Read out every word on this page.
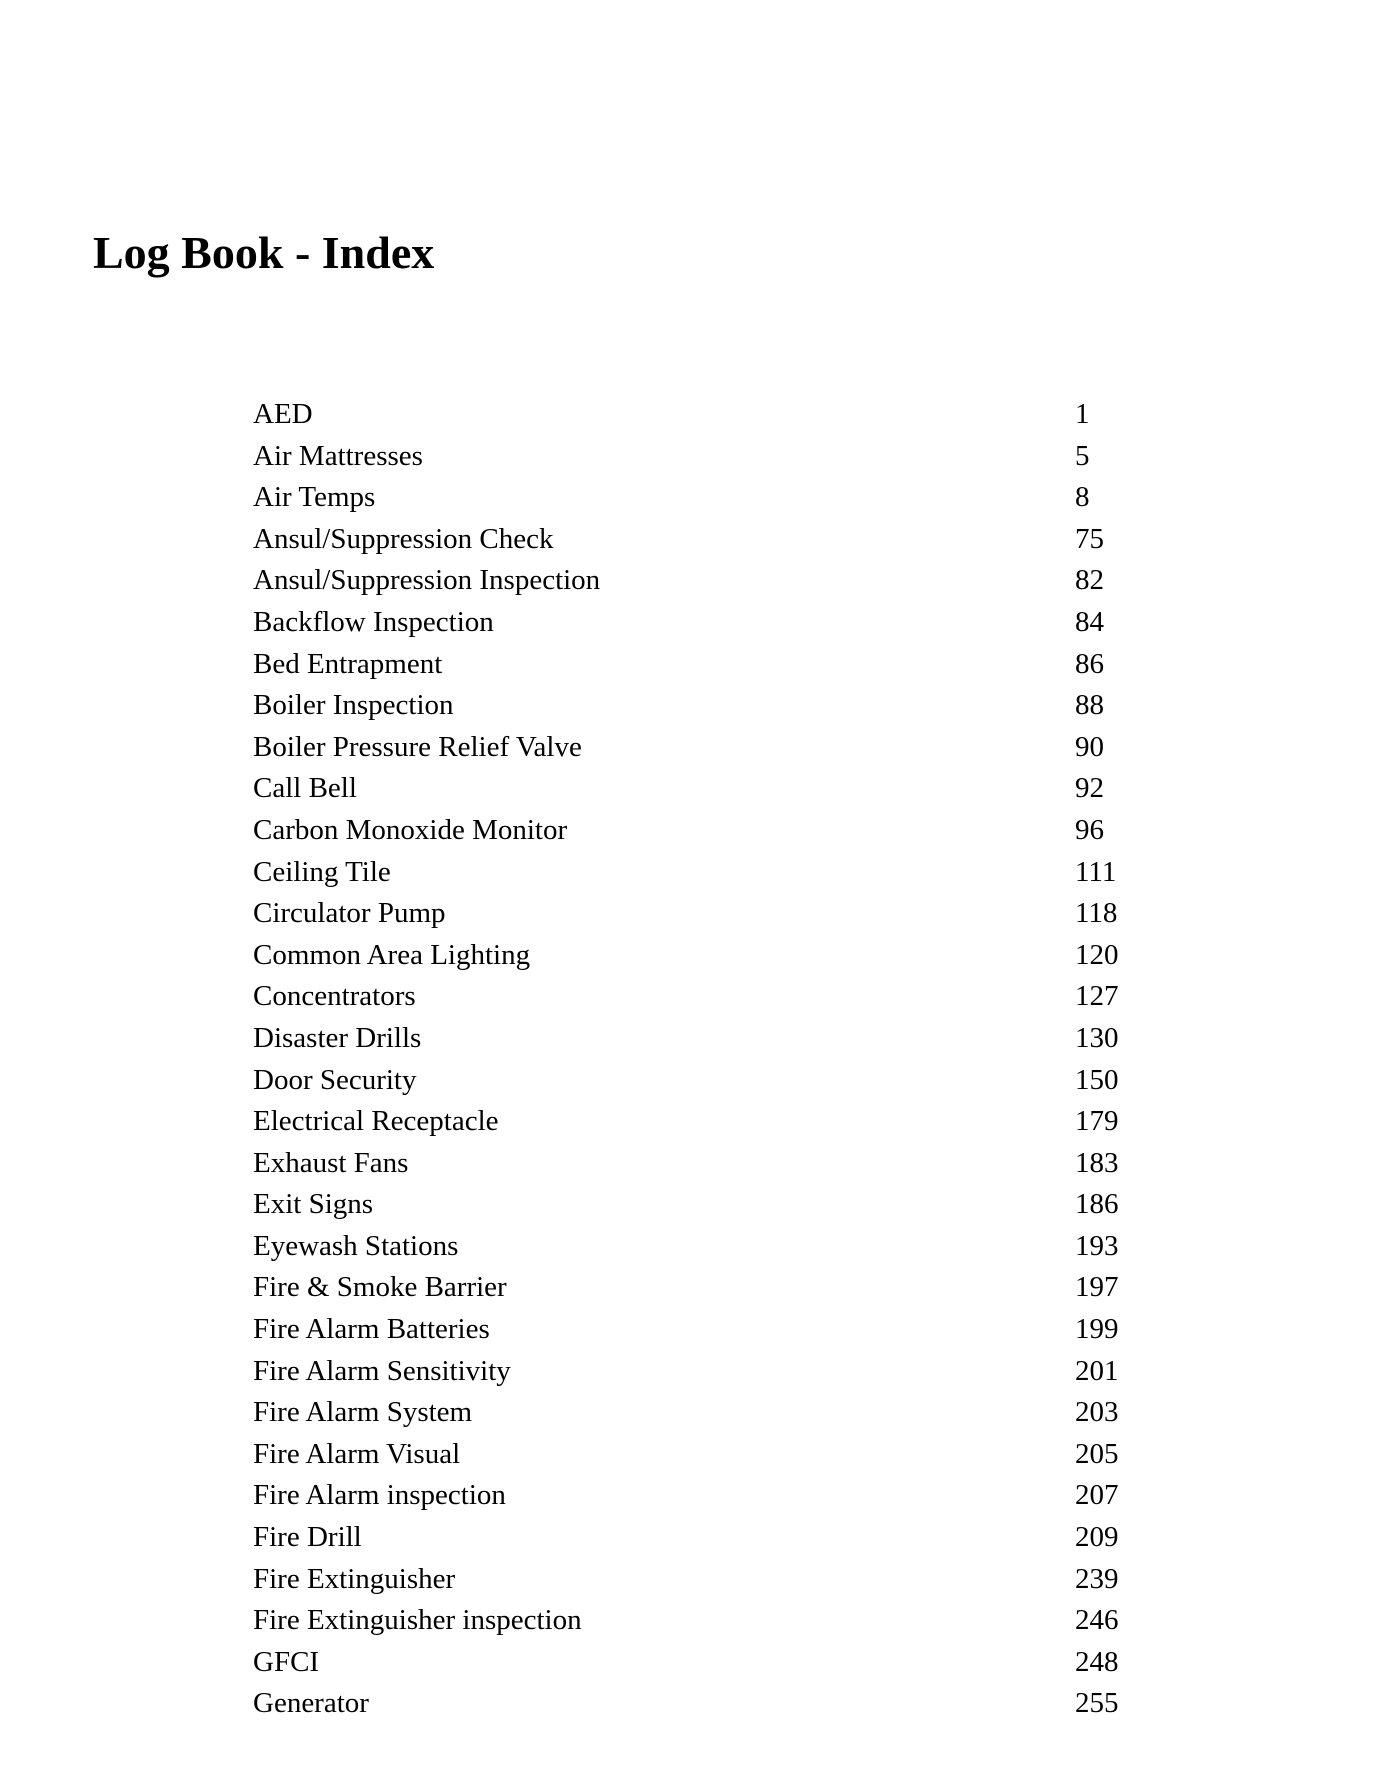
Log Book - Index
AED	1
Air Mattresses	5
Air Temps	8
Ansul/Suppression Check	75
Ansul/Suppression Inspection	82
Backflow Inspection	84
Bed Entrapment	86
Boiler Inspection	88
Boiler Pressure Relief Valve	90
Call Bell	92
Carbon Monoxide Monitor	96
Ceiling Tile	111
Circulator Pump	118
Common Area Lighting	120
Concentrators	127
Disaster Drills	130
Door Security	150
Electrical Receptacle	179
Exhaust Fans	183
Exit Signs	186
Eyewash Stations	193
Fire & Smoke Barrier	197
Fire Alarm Batteries	199
Fire Alarm Sensitivity	201
Fire Alarm System	203
Fire Alarm Visual	205
Fire Alarm inspection	207
Fire Drill	209
Fire Extinguisher	239
Fire Extinguisher inspection	246
GFCI	248
Generator	255
